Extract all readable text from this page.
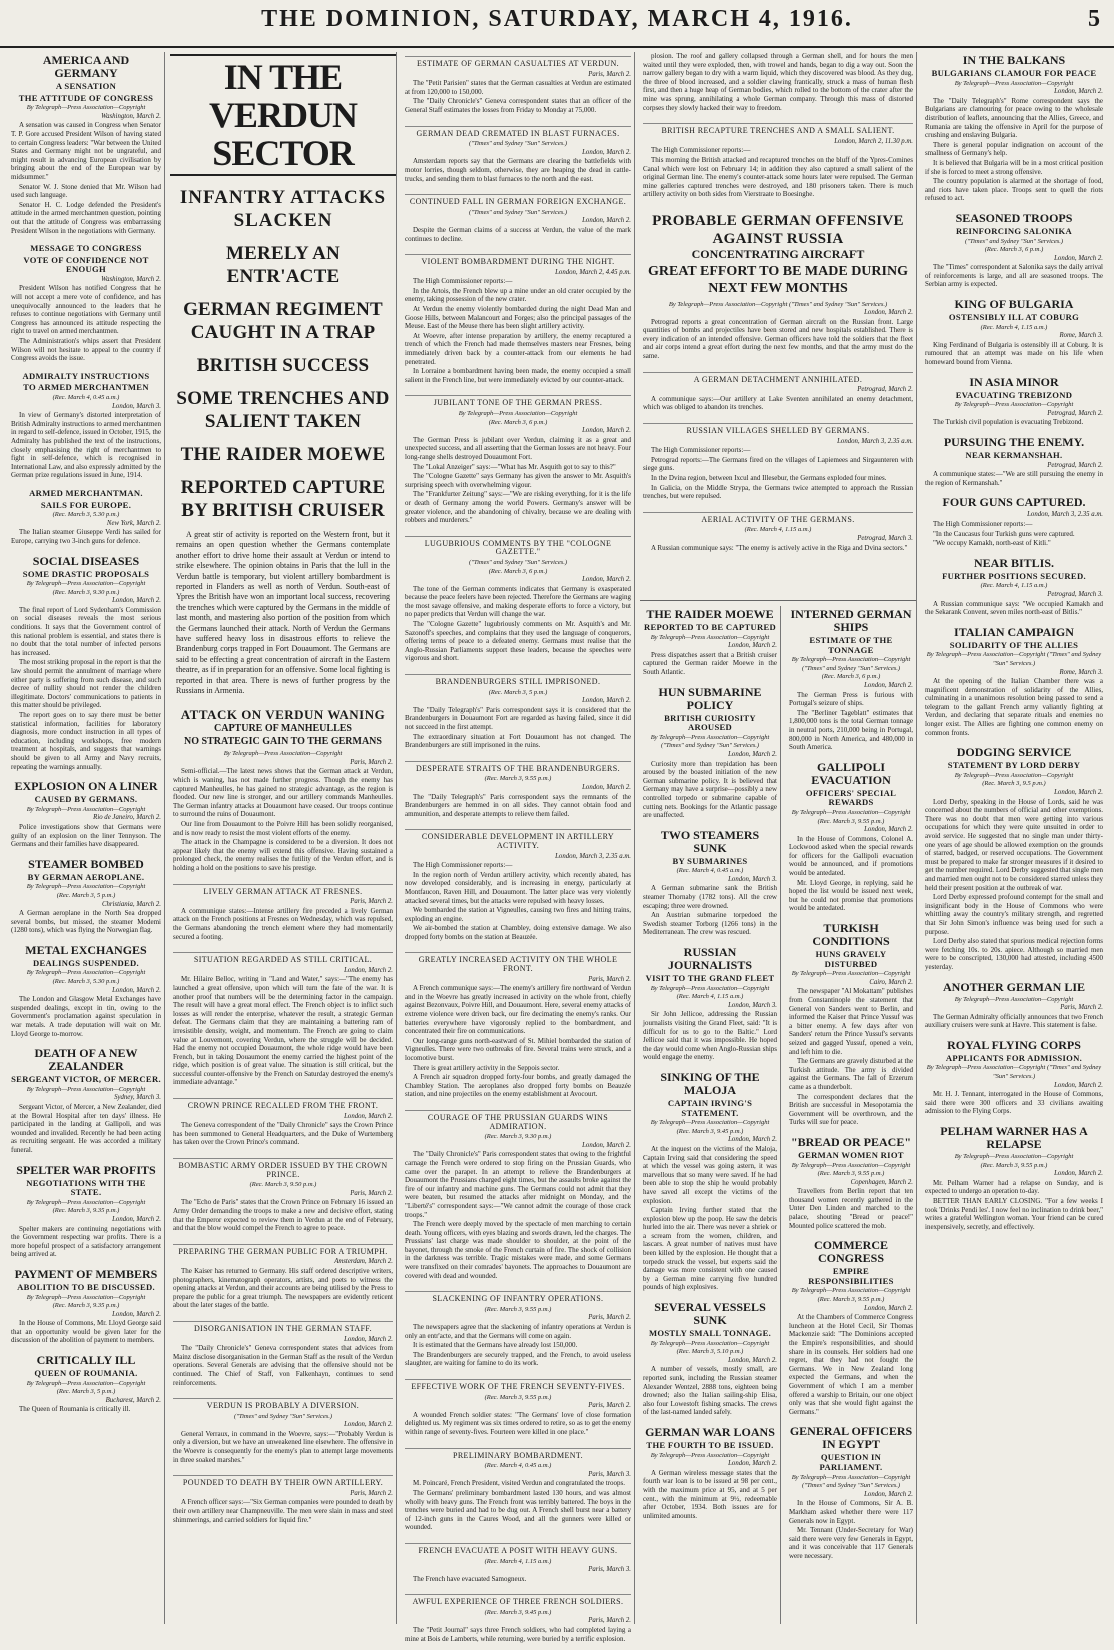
THE DOMINION, SATURDAY, MARCH 4, 1916.	5
AMERICA AND GERMANY
A SENSATION
THE ATTITUDE OF CONGRESS
By Telegraph—Press Association—Copyright
Washington, March 2.

A sensation was caused in Congress when Senator T. P. Gore accused President Wilson of having stated to certain Congress leaders: "War between the United States and Germany might not be ungrateful, and might result in advancing European civilisation by bringing about the end of the European war by midsummer."

Senator W. J. Stone denied that Mr. Wilson had used such language.

Senator H. C. Lodge defended the President's attitude in the armed merchantmen question, pointing out that the attitude of Congress was embarrassing President Wilson in the negotiations with Germany.

MESSAGE TO CONGRESS
VOTE OF CONFIDENCE NOT ENOUGH
Washington, March 2.

President Wilson has notified Congress that he will not accept a mere vote of confidence, and has unequivocally announced to the leaders that he refuses to continue negotiations with Germany until Congress has announced its attitude respecting the right to travel on armed merchantmen.

The Administration's whips assert that President Wilson will not hesitate to appeal to the country if Congress avoids the issue.

ADMIRALTY INSTRUCTIONS
TO ARMED MERCHANTMEN
(Rec. March 4, 0.45 a.m.)
London, March 3.

In view of Germany's distorted interpretation of British Admiralty instructions to armed merchantmen in regard to self-defence, issued in October, 1915, the Admiralty has published the text of the instructions, closely emphasising the right of merchantmen to fight in self-defence, which is recognised in International Law, and also expressly admitted by the German prize regulations issued in June, 1914.

ARMED MERCHANTMAN.
SAILS FOR EUROPE.
(Rec. March 3, 5.30 p.m.)
New York, March 2.

The Italian steamer Giuseppe Verdi has sailed for Europe, carrying two 3-inch guns for defence.

SOCIAL DISEASES
SOME DRASTIC PROPOSALS
By Telegraph—Press Association—Copyright
(Rec. March 3, 9.30 p.m.)
London, March 2.

The final report of Lord Sydenham's Commission on social diseases reveals the most serious conditions. It says that the Government control of this national problem is essential, and states there is no doubt that the total number of infected persons has increased.

The most striking proposal in the report is that the law should permit the annulment of marriage where either party is suffering from such disease, and such decree of nullity should not render the children illegitimate. Doctors' communications to patients in this matter should be privileged.

The report goes on to say there must be better statistical information, facilities for laboratory diagnosis, more conduct instruction in all types of education, including workshops, free modern treatment at hospitals, and suggests that warnings should be given to all Army and Navy recruits, repeating the warnings annually.

EXPLOSION ON A LINER
CAUSED BY GERMANS.
By Telegraph—Press Association—Copyright
Rio de Janeiro, March 2.

Police investigations show that Germans were guilty of an explosion on the liner Tennyson. The Germans and their families have disappeared.

STEAMER BOMBED
BY GERMAN AEROPLANE.
By Telegraph—Press Association—Copyright
(Rec. March 3, 5 p.m.)
Christiania, March 2.

A German aeroplane in the North Sea dropped several bombs, but missed, the steamer Modemi (1280 tons), which was flying the Norwegian flag.

METAL EXCHANGES
DEALINGS SUSPENDED.
By Telegraph—Press Association—Copyright
(Rec. March 3, 5.30 p.m.)
London, March 2.

The London and Glasgow Metal Exchanges have suspended dealings, except in tin, owing to the Government's proclamation against speculation in war metals. A trade deputation will wait on Mr. Lloyd George to-morrow.

DEATH OF A NEW ZEALANDER
SERGEANT VICTOR, OF MERCER.
By Telegraph—Press Association—Copyright
Sydney, March 3.

Sergeant Victor, of Mercer, a New Zealander, died at the Bowral Hospital after ten days' illness. He participated in the landing at Gallipoli, and was wounded and invalided. Recently he had been acting as recruiting sergeant. He was accorded a military funeral.

SPELTER WAR PROFITS
NEGOTIATIONS WITH THE STATE.
By Telegraph—Press Association—Copyright
(Rec. March 3, 9.35 p.m.)
London, March 2.

Spelter makers are continuing negotiations with the Government respecting war profits. There is a more hopeful prospect of a satisfactory arrangement being arrived at.

PAYMENT OF MEMBERS
ABOLITION TO BE DISCUSSED.
By Telegraph—Press Association—Copyright
(Rec. March 3, 9.35 p.m.)
London, March 2.

In the House of Commons, Mr. Lloyd George said that an opportunity would be given later for the discussion of the abolition of payment to members.

CRITICALLY ILL
QUEEN OF ROUMANIA.
By Telegraph—Press Association—Copyright
(Rec. March 3, 5 p.m.)
Bucharest, March 2.

The Queen of Roumania is critically ill.

IN THE VERDUN SECTOR
INFANTRY ATTACKS SLACKEN
MERELY AN ENTR'ACTE
GERMAN REGIMENT CAUGHT IN A TRAP
BRITISH SUCCESS
SOME TRENCHES AND SALIENT TAKEN
THE RAIDER MOEWE
REPORTED CAPTURE BY BRITISH CRUISER

A great stir of activity is reported on the Western front, but it remains an open question whether the Germans contemplate another effort to drive home their assault at Verdun or intend to strike elsewhere. The opinion obtains in Paris that the lull in the Verdun battle is temporary, but violent artillery bombardment is reported in Flanders as well as north of Verdun. South-east of Ypres the British have won an important local success, recovering the trenches which were captured by the Germans in the middle of last month, and mastering also portion of the position from which the Germans launched their attack. North of Verdun the Germans have suffered heavy loss in disastrous efforts to relieve the Brandenburg corps trapped in Fort Douaumont. The Germans are said to be effecting a great concentration of aircraft in the Eastern theatre, as if in preparation for an offensive. Some local fighting is reported in that area. There is news of further progress by the Russians in Armenia.

ATTACK ON VERDUN WANING
CAPTURE OF MANHEULLES
NO STRATEGIC GAIN TO THE GERMANS
By Telegraph—Press Association—Copyright
Paris, March 2.

Semi-official.—The latest news shows that the German attack at Verdun, which is waning, has not made further progress. Though the enemy has captured Manheulles, he has gained no strategic advantage, as the region is flooded. Our new line is stronger, and our artillery commands Manheulles. The German infantry attacks at Douaumont have ceased. Our troops continue to surround the ruins of Douaumont.

Our line from Douaumont to the Poivre Hill has been solidly reorganised, and is now ready to resist the most violent efforts of the enemy.

The attack in the Champagne is considered to be a diversion. It does not appear likely that the enemy will extend this offensive. Having sustained a prolonged check, the enemy realises the futility of the Verdun effort, and is holding a hold on the positions to save his prestige.

LIVELY GERMAN ATTACK AT FRESNES.
Paris, March 2.

A communique states:—Intense artillery fire preceded a lively German attack on the French positions at Fresnes on Wednesday, which was repulsed, the Germans abandoning the trench element where they had momentarily secured a footing.

SITUATION REGARDED AS STILL CRITICAL.
London, March 2.

Mr. Hilaire Belloc, writing in "Land and Water," says:—"The enemy has launched a great offensive, upon which will turn the fate of the war. It is another proof that numbers will be the determining factor in the campaign. The result will have a great moral effect. The French object is to inflict such losses as will render the enterprise, whatever the result, a strategic German defeat. The Germans claim that they are maintaining a battering ram of irresistible density, weight, and momentum. The French are going to claim value at Louvemont, covering Verdun, where the struggle will be decided. Had the enemy not occupied Douaumont, the whole ridge would have been French, but in taking Douaumont the enemy carried the highest point of the ridge, which position is of great value. The situation is still critical, but the successful counter-offensive by the French on Saturday destroyed the enemy's immediate advantage."

CROWN PRINCE RECALLED FROM THE FRONT.
London, March 2.

The Geneva correspondent of the "Daily Chronicle" says the Crown Prince has been summoned to General Headquarters, and the Duke of Wurtemberg has taken over the Crown Prince's command.

BOMBASTIC ARMY ORDER ISSUED BY THE CROWN PRINCE.
(Rec. March 3, 9.50 p.m.)
Paris, March 2.

The "Echo de Paris" states that the Crown Prince on February 16 issued an Army Order demanding the troops to make a new and decisive effort, stating that the Emperor expected to review them in Verdun at the end of February, and that the blow would compel the French to agree to peace.

PREPARING THE GERMAN PUBLIC FOR A TRIUMPH.
Amsterdam, March 2.

The Kaiser has returned to Germany. His staff ordered descriptive writers, photographers, kinematograph operators, artists, and poets to witness the opening attacks at Verdun, and their accounts are being utilised by the Press to prepare the public for a great triumph. The newspapers are evidently reticent about the later stages of the battle.

DISORGANISATION IN THE GERMAN STAFF.
London, March 2.

The "Daily Chronicle's" Geneva correspondent states that advices from Mainz disclose disorganisation in the German Staff as the result of the Verdun operations. Several Generals are advising that the offensive should not be continued. The Chief of Staff, von Falkenhayn, continues to send reinforcements.

VERDUN IS PROBABLY A DIVERSION.
("Times" and Sydney "Sun" Services.)
London, March 2.

General Verraux, in command in the Woevre, says:—"Probably Verdun is only a diversion, but we have an unweakened line elsewhere. The offensive in the Woevre is consequently for the enemy's plan to attempt large movements in three soaked marshes."

POUNDED TO DEATH BY THEIR OWN ARTILLERY.
Paris, March 2.

A French officer says:—"Six German companies were pounded to death by their own artillery near Champneuville. The men were slain in mass and steel shimmerings, and carried soldiers for liquid fire."

ESTIMATE OF GERMAN CASUALTIES AT VERDUN.
Paris, March 2.

The "Petit Parisien" states that the German casualties at Verdun are estimated at from 120,000 to 150,000.

The "Daily Chronicle's" Geneva correspondent states that an officer of the General Staff estimates the losses from Friday to Monday at 75,000.

GERMAN DEAD CREMATED IN BLAST FURNACES.
("Times" and Sydney "Sun" Services.)
London, March 2.

Amsterdam reports say that the Germans are clearing the battlefields with motor lorries, though seldom, otherwise, they are heaping the dead in cattle-trucks, and sending them to blast furnaces to the north and the east.

CONTINUED FALL IN GERMAN FOREIGN EXCHANGE.
("Times" and Sydney "Sun" Services.)
London, March 2.

Despite the German claims of a success at Verdun, the value of the mark continues to decline.

VIOLENT BOMBARDMENT DURING THE NIGHT.
London, March 2, 4.45 p.m.

The High Commissioner reports:—

In the Artois, the French blew up a mine under an old crater occupied by the enemy, taking possession of the new crater.

At Verdun the enemy violently bombarded during the night Dead Man and Goose Hills, between Malancourt and Forges; also the principal passages of the Meuse. East of the Meuse there has been slight artillery activity.

At Woevre, after intense preparation by artillery, the enemy recaptured a trench of which the French had made themselves masters near Fresnes, being immediately driven back by a counter-attack from our elements he had penetrated.

In Lorraine a bombardment having been made, the enemy occupied a small salient in the French line, but were immediately evicted by our counter-attack.

JUBILANT TONE OF THE GERMAN PRESS.
By Telegraph—Press Association—Copyright
(Rec. March 3, 6 p.m.)
London, March 2.

The German Press is jubilant over Verdun, claiming it as a great and unexpected success, and all asserting that the German losses are not heavy. Four long-range shells destroyed Douaumont Fort.

The "Lokal Anzeiger" says:—"What has Mr. Asquith got to say to this?"

The "Cologne Gazette" says Germany has given the answer to Mr. Asquith's surprising speech with overwhelming vigour.

The "Frankfurter Zeitung" says:—"We are risking everything, for it is the life or death of Germany among the world Powers. Germany's answer will be greater violence, and the abandoning of chivalry, because we are dealing with robbers and murderers."

LUGUBRIOUS COMMENTS BY THE "COLOGNE GAZETTE."
("Times" and Sydney "Sun" Services.)
(Rec. March 3, 6 p.m.)
London, March 2.

The tone of the German comments indicates that Germany is exasperated because the peace feelers have been rejected. Therefore the Germans are waging the most savage offensive, and making desperate efforts to force a victory, but no paper predicts that Verdun will change the war.

The "Cologne Gazette" lugubriously comments on Mr. Asquith's and Mr. Sazonoff's speeches, and complains that they used the language of conquerors, offering terms of peace to a defeated enemy. Germans must realise that the Anglo-Russian Parliaments support these leaders, because the speeches were vigorous and short.

BRANDENBURGERS STILL IMPRISONED.
(Rec. March 3, 5 p.m.)
London, March 2.

The "Daily Telegraph's" Paris correspondent says it is considered that the Brandenburgers in Douaumont Fort are regarded as having failed, since it did not succeed in the first attempt.

The extraordinary situation at Fort Douaumont has not changed. The Brandenburgers are still imprisoned in the ruins.

DESPERATE STRAITS OF THE BRANDENBURGERS.
(Rec. March 3, 9.55 p.m.)
London, March 2.

The "Daily Telegraph's" Paris correspondent says the remnants of the Brandenburgers are hemmed in on all sides. They cannot obtain food and ammunition, and desperate attempts to relieve them failed.

CONSIDERABLE DEVELOPMENT IN ARTILLERY ACTIVITY.
London, March 3, 2.35 a.m.

The High Commissioner reports:—

In the region north of Verdun artillery activity, which recently abated, has now developed considerably, and is increasing in energy, particularly at Montfaucon, Raven Hill, and Douaumont. The latter place was very violently attacked several times, but the attacks were repulsed with heavy losses.

We bombarded the station at Vigneulles, causing two fires and hitting trains, exploding an engine.

We air-bombed the station at Chambley, doing extensive damage. We also dropped forty bombs on the station at Beauzée.

GREATLY INCREASED ACTIVITY ON THE WHOLE FRONT.
Paris, March 2.

A French communique says:—The enemy's artillery fire northward of Verdun and in the Woevre has greatly increased in activity on the whole front, chiefly against Bezonvaux, Poivre Hill, and Douaumont. Here, several enemy attacks of extreme violence were driven back, our fire decimating the enemy's ranks. Our batteries everywhere have vigorously replied to the bombardment, and concentrated their fire on communications.

Our long-range guns north-eastward of St. Mihiel bombarded the station of Vigneulles. There were two outbreaks of fire. Several trains were struck, and a locomotive burst.

There is great artillery activity in the Seppois sector.

A French air squadron dropped forty-four bombs, and greatly damaged the Chambley Station. The aeroplanes also dropped forty bombs on Beauzée station, and nine projectiles on the enemy establishment at Avocourt.

COURAGE OF THE PRUSSIAN GUARDS WINS ADMIRATION.
(Rec. March 3, 9.30 p.m.)
London, March 2.

The "Daily Chronicle's" Paris correspondent states that owing to the frightful carnage the French were ordered to stop firing on the Prussian Guards, who came over the parapet. In an attempt to relieve the Brandenburgers at Douaumont the Prussians charged eight times, but the assaults broke against the fire of our infantry and machine guns. The Germans could not admit that they were beaten, but resumed the attacks after midnight on Monday, and the "Liberté's" correspondent says:—"We cannot admit the courage of those crack troops."

The French were deeply moved by the spectacle of men marching to certain death. Young officers, with eyes blazing and swords drawn, led the charges. The Prussians' last charge was made shoulder to shoulder, at the point of the bayonet, through the smoke of the French curtain of fire. The shock of collision in the darkness was terrible. Tragic mistakes were made, and some Germans were transfixed on their comrades' bayonets. The approaches to Douaumont are covered with dead and wounded.

SLACKENING OF INFANTRY OPERATIONS.
(Rec. March 3, 9.55 p.m.)
Paris, March 2.

The newspapers agree that the slackening of infantry operations at Verdun is only an entr'acte, and that the Germans will come on again.

It is estimated that the Germans have already lost 150,000.

The Brandenburgers are securely trapped, and the French, to avoid useless slaughter, are waiting for famine to do its work.

EFFECTIVE WORK OF THE FRENCH SEVENTY-FIVES.
(Rec. March 3, 9.55 p.m.)
Paris, March 2.

A wounded French soldier states: "The Germans' love of close formation delighted us. My regiment was six times ordered to retire, so as to get the enemy within range of seventy-fives. Fourteen were killed in one place."

PRELIMINARY BOMBARDMENT.
(Rec. March 4, 0.45 a.m.)
Paris, March 3.

M. Poincaré, French President, visited Verdun and congratulated the troops.

The Germans' preliminary bombardment lasted 130 hours, and was almost wholly with heavy guns. The French front was terribly battered. The boys in the trenches were buried and had to be dug out. A French shell burst near a battery of 12-inch guns in the Caures Wood, and all the gunners were killed or wounded.

FRENCH EVACUATE A POSIT WITH HEAVY GUNS.
(Rec. March 4, 1.15 a.m.)
Paris, March 3.

The French have evacuated Samogneux.

AWFUL EXPERIENCE OF THREE FRENCH SOLDIERS.
(Rec. March 3, 9.45 p.m.)
Paris, March 2.

The "Petit Journal" says three French soldiers, who had completed laying a mine at Bois de Lamberts, while returning, were buried by a terrific explosion.

plosion. The roof and gallery collapsed through a German shell, and for hours the men waited until they were exploded, then, with trowel and hands, began to dig a way out. Soon the narrow gallery began to dry with a warm liquid, which they discovered was blood. As they dug, the three of blood increased, and a soldier clawing frantically, struck a mass of human flesh first, and then a huge heap of German bodies, which rolled to the bottom of the crater after the mine was sprung, annihilating a whole German company. Through this mass of distorted corpses they slowly hacked their way to freedom.

BRITISH RECAPTURE TRENCHES AND A SMALL SALIENT.
London, March 2, 11.30 p.m.

The High Commissioner reports:—

This morning the British attacked and recaptured trenches on the bluff of the Ypres-Comines Canal which were lost on February 14; in addition they also captured a small salient of the original German line. The enemy's counter-attack some hours later were repulsed. The German mine galleries captured trenches were destroyed, and 180 prisoners taken. There is much artillery activity on both sides from Vierstraate to Boesinghe.

PROBABLE GERMAN OFFENSIVE AGAINST RUSSIA
CONCENTRATING AIRCRAFT
GREAT EFFORT TO BE MADE DURING NEXT FEW MONTHS
By Telegraph—Press Association—Copyright ("Times" and Sydney "Sun" Services.)
London, March 2.

Petrograd reports a great concentration of German aircraft on the Russian front. Large quantities of bombs and projectiles have been stored and new hospitals established. There is every indication of an intended offensive. German officers have told the soldiers that the fleet and air corps intend a great effort during the next few months, and that the army must do the same.

A GERMAN DETACHMENT ANNIHILATED.
Petrograd, March 2.

A communique says:—Our artillery at Lake Sventen annihilated an enemy detachment, which was obliged to abandon its trenches.

RUSSIAN VILLAGES SHELLED BY GERMANS.
London, March 3, 2.35 a.m.

The High Commissioner reports:—

Petrograd reports:—The Germans fired on the villages of Lapiemees and Sirgaunteren with siege guns.

In the Dvina region, between Ixcul and Illesebur, the Germans exploded four mines.

In Galicia, on the Middle Strypa, the Germans twice attempted to approach the Russian trenches, but were repulsed.

AERIAL ACTIVITY OF THE GERMANS.
(Rec. March 4, 1.15 a.m.)
Petrograd, March 3.

A Russian communique says: "The enemy is actively active in the Riga and Dvina sectors."

THE RAIDER MOEWE
REPORTED TO BE CAPTURED
By Telegraph—Press Association—Copyright
London, March 2.

Press dispatches assert that a British cruiser captured the German raider Moewe in the South Atlantic.

HUN SUBMARINE POLICY
BRITISH CURIOSITY AROUSED
By Telegraph—Press Association—Copyright ("Times" and Sydney "Sun" Services.)
London, March 2.

Curiosity more than trepidation has been aroused by the boasted initiation of the new German submarine policy. It is believed that Germany may have a surprise—possibly a new controlled torpedo or submarine capable of cutting nets. Bookings for the Atlantic passage are unaffected.

TWO STEAMERS SUNK
BY SUBMARINES
(Rec. March 4, 0.45 a.m.)
London, March 3.

A German submarine sank the British steamer Thornaby (1782 tons). All the crew escaping; three were drowned.

An Austrian submarine torpedoed the Swedish steamer Torborg (1266 tons) in the Mediterranean. The crew was rescued.

RUSSIAN JOURNALISTS
VISIT TO THE GRAND FLEET
By Telegraph—Press Association—Copyright
(Rec. March 4, 1.15 a.m.)
London, March 3.

Sir John Jellicoe, addressing the Russian journalists visiting the Grand Fleet, said: "It is difficult for us to go to the Baltic." Lord Jellicoe said that it was impossible. He hoped the day would come when Anglo-Russian ships would engage the enemy.

SINKING OF THE MALOJA
CAPTAIN IRVING'S STATEMENT.
By Telegraph—Press Association—Copyright
(Rec. March 3, 9.45 p.m.)
London, March 2.

At the inquest on the victims of the Maloja, Captain Irving said that considering the speed at which the vessel was going astern, it was marvellous that so many were saved. If he had been able to stop the ship he would probably have saved all except the victims of the explosion.

Captain Irving further stated that the explosion blew up the poop. He saw the debris hurled into the air. There was never a shriek or a scream from the women, children, and lascars. A great number of natives must have been killed by the explosion. He thought that a torpedo struck the vessel, but experts said the damage was more consistent with one caused by a German mine carrying five hundred pounds of high explosives.

SEVERAL VESSELS SUNK
MOSTLY SMALL TONNAGE.
By Telegraph—Press Association—Copyright
(Rec. March 3, 5.10 p.m.)
London, March 2.

A number of vessels, mostly small, are reported sunk, including the Russian steamer Alexander Wentzel, 2888 tons, eighteen being drowned; also the Italian sailing-ship Elisa, also four Lowestoft fishing smacks. The crews of the last-named landed safely.

GERMAN WAR LOANS
THE FOURTH TO BE ISSUED.
By Telegraph—Press Association—Copyright
London, March 2.

A German wireless message states that the fourth war loan is to be issued at 98 per cent., with the maximum price at 95, and at 5 per cent., with the minimum at 9½, redeemable after October, 1934. Both issues are for unlimited amounts.

INTERNED GERMAN SHIPS
ESTIMATE OF THE TONNAGE
By Telegraph—Press Association—Copyright ("Times" and Sydney "Sun" Services.)
(Rec. March 3, 6 p.m.)
London, March 2.

The German Press is furious with Portugal's seizure of ships.

The "Berliner Tageblatt" estimates that 1,800,000 tons is the total German tonnage in neutral ports, 210,000 being in Portugal, 800,000 in North America, and 480,000 in South America.

GALLIPOLI EVACUATION
OFFICERS' SPECIAL REWARDS
By Telegraph—Press Association—Copyright
(Rec. March 3, 9.55 p.m.)
London, March 2.

In the House of Commons, Colonel A. Lockwood asked when the special rewards for officers for the Gallipoli evacuation would be announced, and if promotions would be antedated.

Mr. Lloyd George, in replying, said he hoped the list would be issued next week, but he could not promise that promotions would be antedated.

TURKISH CONDITIONS
HUNS GRAVELY DISTURBED
By Telegraph—Press Association—Copyright
Cairo, March 2.

The newspaper "Al Mokattam" publishes from Constantinople the statement that General von Sanders went to Berlin, and informed the Kaiser that Prince Yussuf was a bitter enemy. A few days after von Sanders' return the Prince Yussuf's servants seized and gagged Yussuf, opened a vein, and left him to die.

The Germans are gravely disturbed at the Turkish attitude. The army is divided against the Germans. The fall of Erzerum came as a thunderbolt.

The correspondent declares that the British are successful in Mesopotamia the Government will be overthrown, and the Turks will sue for peace.

"BREAD OR PEACE"
GERMAN WOMEN RIOT
By Telegraph—Press Association—Copyright
(Rec. March 3, 9.55 p.m.)
Copenhagen, March 2.

Travellers from Berlin report that ten thousand women recently gathered in the Unter Den Linden and marched to the palace, shouting "Bread or peace!" Mounted police scattered the mob.

COMMERCE CONGRESS
EMPIRE RESPONSIBILITIES
By Telegraph—Press Association—Copyright
(Rec. March 3, 9.55 p.m.)
London, March 2.

At the Chambers of Commerce Congress luncheon at the Hotel Cecil, Sir Thomas Mackenzie said: "The Dominions accepted the Empire's responsibilities, and should share in its counsels. Her soldiers had one regret, that they had not fought the Germans. We in New Zealand long expected the Germans, and when the Government of which I am a member offered a warship to Britain, our one object only was that she would fight against the Germans."

GENERAL OFFICERS IN EGYPT
QUESTION IN PARLIAMENT.
By Telegraph—Press Association—Copyright ("Times" and Sydney "Sun" Services.)
London, March 2.

In the House of Commons, Sir A. B. Markham asked whether there were 117 Generals now in Egypt.

Mr. Tennant (Under-Secretary for War) said there were very few Generals in Egypt, and it was conceivable that 117 Generals were necessary.

IN THE BALKANS
BULGARIANS CLAMOUR FOR PEACE
By Telegraph—Press Association—Copyright
London, March 2.

The "Daily Telegraph's" Rome correspondent says the Bulgarians are clamouring for peace owing to the wholesale distribution of leaflets, announcing that the Allies, Greece, and Rumania are taking the offensive in April for the purpose of crushing and enslaving Bulgaria.

There is general popular indignation on account of the smallness of Germany's help.

It is believed that Bulgaria will be in a most critical position if she is forced to meet a strong offensive.

The country population is alarmed at the shortage of food, and riots have taken place. Troops sent to quell the riots refused to act.

SEASONED TROOPS
REINFORCING SALONIKA
("Times" and Sydney "Sun" Services.)
(Rec. March 3, 6 p.m.)
London, March 2.

The "Times" correspondent at Salonika says the daily arrival of reinforcements is large, and all are seasoned troops. The Serbian army is expected.

KING OF BULGARIA
OSTENSIBLY ILL AT COBURG
(Rec. March 4, 1.15 a.m.)
Rome, March 3.

King Ferdinand of Bulgaria is ostensibly ill at Coburg. It is rumoured that an attempt was made on his life when homeward bound from Vienna.

IN ASIA MINOR
EVACUATING TREBIZOND
By Telegraph—Press Association—Copyright
Petrograd, March 2.

The Turkish civil population is evacuating Trebizond.

PURSUING THE ENEMY.
NEAR KERMANSHAH.
Petrograd, March 2.

A communique states:—"We are still pursuing the enemy in the region of Kermanshah."

FOUR GUNS CAPTURED.
London, March 3, 2.35 a.m.

The High Commissioner reports:—

"In the Caucasus four Turkish guns were captured.

"We occupy Kamakh, north-east of Kitli."

NEAR BITLIS.
FURTHER POSITIONS SECURED.
(Rec. March 4, 1.15 a.m.)
Petrograd, March 3.

A Russian communique says: "We occupied Kamakh and the Sekarank Convent, seven miles north-east of Bitlis."

ITALIAN CAMPAIGN
SOLIDARITY OF THE ALLIES
By Telegraph—Press Association—Copyright ("Times" and Sydney "Sun" Services.)
Rome, March 3.

At the opening of the Italian Chamber there was a magnificent demonstration of solidarity of the Allies, culminating in a unanimous resolution being passed to send a telegram to the gallant French army valiantly fighting at Verdun, and declaring that separate rituals and enemies no longer exist. The Allies are fighting one common enemy on common fronts.

DODGING SERVICE
STATEMENT BY LORD DERBY
By Telegraph—Press Association—Copyright
(Rec. March 3, 9.5 p.m.)
London, March 2.

Lord Derby, speaking in the House of Lords, said he was concerned about the numbers of official and other exemptions. There was no doubt that men were getting into various occupations for which they were quite unsuited in order to avoid service. He suggested that no single man under thirty-one years of age should be allowed exemption on the grounds of starred, badged, or reserved occupations. The Government must be prepared to make far stronger measures if it desired to get the number required. Lord Derby suggested that single men and married men ought not to be considered starred unless they held their present position at the outbreak of war.

Lord Derby expressed profound contempt for the small and insignificant body in the House of Commons who were whittling away the country's military strength, and regretted that Sir John Simon's influence was being used for such a purpose.

Lord Derby also stated that spurious medical rejection forms were fetching 10s. to 20s. apiece. Although so married men were to be conscripted, 130,000 had attested, including 4500 yesterday.

ANOTHER GERMAN LIE
By Telegraph—Press Association—Copyright
Paris, March 2.

The German Admiralty officially announces that two French auxiliary cruisers were sunk at Havre. This statement is false.

ROYAL FLYING CORPS
APPLICANTS FOR ADMISSION.
By Telegraph—Press Association—Copyright ("Times" and Sydney "Sun" Services.)
London, March 2.

Mr. H. J. Tennant, interrogated in the House of Commons, said there were 300 officers and 33 civilians awaiting admission to the Flying Corps.

PELHAM WARNER HAS A RELAPSE
By Telegraph—Press Association—Copyright
(Rec. March 3, 9.55 p.m.)
London, March 2.

Mr. Pelham Warner had a relapse on Sunday, and is expected to undergo an operation to-day.

BETTER THAN EARLY CLOSING. "For a few weeks I took 'Drinks Pendi les'. I now feel no inclination to drink beer," writes a grateful Wellington woman. Your friend can be cured inexpensively, secretly, and effectively.
